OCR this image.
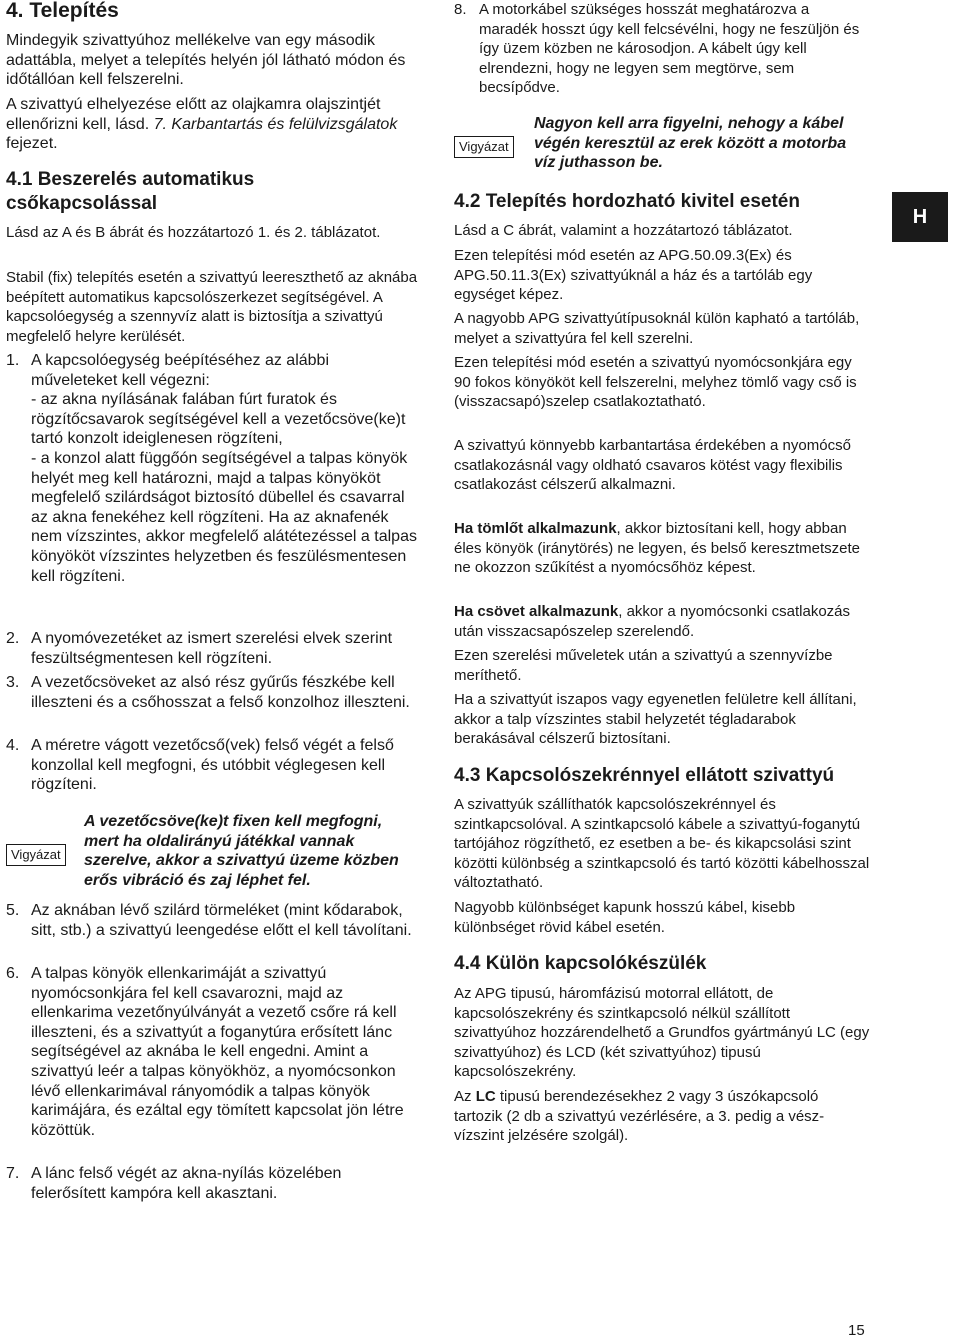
4. Telepítés

Mindegyik szivattyúhoz mellékelve van egy második adattábla, melyet a telepítés helyén jól látható módon és időtállóan kell felszerelni.

A szivattyú elhelyezése előtt az olajkamra olajszintjét ellenőrizni kell, lásd. 7. Karbantartás és felülvizsgálatok fejezet.

4.1 Beszerelés automatikus csőkapcsolással

Lásd az A és B ábrát és hozzátartozó 1. és 2. táblázatot.

Stabil (fix) telepítés esetén a szivattyú leereszthető az aknába beépített automatikus kapcsolószerkezet segítségével. A kapcsolóegység a szennyvíz alatt is biztosítja a szivattyú megfelelő helyre kerülését.

1. A kapcsolóegység beépítéséhez az alábbi műveleteket kell végezni:
- az akna nyílásának falában fúrt furatok és rögzítőcsavarok segítségével kell a vezetőcsöve(ke)t tartó konzolt ideiglenesen rögzíteni,
- a konzol alatt függőón segítségével a talpas könyök helyét meg kell határozni, majd a talpas könyököt megfelelő szilárdságot biztosító dübellel és csavarral az akna fenekéhez kell rögzíteni. Ha az aknafenék nem vízszintes, akkor megfelelő alátétezéssel a talpas könyököt vízszintes helyzetben és feszülésmentesen kell rögzíteni.

2. A nyomóvezetéket az ismert szerelési elvek szerint feszültségmentesen kell rögzíteni.

3. A vezetőcsöveket az alsó rész gyűrűs fészkébe kell illeszteni és a csőhosszat a felső konzolhoz illeszteni.

4. A méretre vágott vezetőcső(vek) felső végét a felső konzollal kell megfogni, és utóbbit véglegesen kell rögzíteni.

Vigyázat

A vezetőcsöve(ke)t fixen kell megfogni, mert ha oldalirányú játékkal vannak szerelve, akkor a szivattyú üzeme közben erős vibráció és zaj léphet fel.

5. Az aknában lévő szilárd törmeléket (mint kődarabok, sitt, stb.) a szivattyú leengedése előtt el kell távolítani.

6. A talpas könyök ellenkarimáját a szivattyú nyomócsonkjára fel kell csavarozni, majd az ellenkarima vezetőnyúlványát a vezető csőre rá kell illeszteni, és a szivattyút a foganytúra erősített lánc segítségével az aknába le kell engedni. Amint a szivattyú leér a talpas könyökhöz, a nyomócsonkon lévő ellenkarimával rányomódik a talpas könyök karimájára, és ezáltal egy tömített kapcsolat jön létre közöttük.

7. A lánc felső végét az akna-nyílás közelében felerősített kampóra kell akasztani.

8. A motorkábel szükséges hosszát meghatározva a maradék hosszt úgy kell felcsévélni, hogy ne feszüljön és így üzem közben ne károsodjon. A kábelt úgy kell elrendezni, hogy ne legyen sem megtörve, sem becsípődve.

Vigyázat

Nagyon kell arra figyelni, nehogy a kábel végén keresztül az erek között a motorba víz juthasson be.

4.2 Telepítés hordozható kivitel esetén

Lásd a C ábrát, valamint a hozzátartozó táblázatot.

Ezen telepítési mód esetén az APG.50.09.3(Ex) és APG.50.11.3(Ex) szivattyúknál a ház és a tartóláb egy egységet képez.

A nagyobb APG szivattyútípusoknál külön kapható a tartóláb, melyet a szivattyúra fel kell szerelni.

Ezen telepítési mód esetén a szivattyú nyomócsonkjára egy 90 fokos könyököt kell felszerelni, melyhez tömlő vagy cső is (visszacsapó)szelep csatlakoztatható.

A szivattyú könnyebb karbantartása érdekében a nyomócső csatlakozásnál vagy oldható csavaros kötést vagy flexibilis csatlakozást célszerű alkalmazni.

Ha tömlőt alkalmazunk, akkor biztosítani kell, hogy abban éles könyök (iránytörés) ne legyen, és belső keresztmetszete ne okozzon szűkítést a nyomócsőhöz képest.

Ha csövet alkalmazunk, akkor a nyomócsonki csatlakozás után visszacsapószelep szerelendő.

Ezen szerelési műveletek után a szivattyú a szennyvízbe meríthető.

Ha a szivattyút iszapos vagy egyenetlen felületre kell állítani, akkor a talp vízszintes stabil helyzetét tégladarabok berakásával célszerű biztosítani.

4.3 Kapcsolószekrénnyel ellátott szivattyú

A szivattyúk szállíthatók kapcsolószekrénnyel és szintkapcsolóval. A szintkapcsoló kábele a szivattyú-foganytú tartójához rögzíthető, ez esetben a be- és kikapcsolási szint közötti különbség a szintkapcsoló és tartó közötti kábelhosszal változtatható.

Nagyobb különbséget kapunk hosszú kábel, kisebb különbséget rövid kábel esetén.

4.4 Külön kapcsolókészülék

Az APG tipusú, háromfázisú motorral ellátott, de kapcsolószekrény és szintkapcsoló nélkül szállított szivattyúhoz hozzárendelhető a Grundfos gyártmányú LC (egy szivattyúhoz) és LCD (két szivattyúhoz) tipusú kapcsolószekrény.

Az LC tipusú berendezésekhez 2 vagy 3 úszókapcsoló tartozik (2 db a szivattyú vezérlésére, a 3. pedig a vész-vízszint jelzésére szolgál).

H
15
